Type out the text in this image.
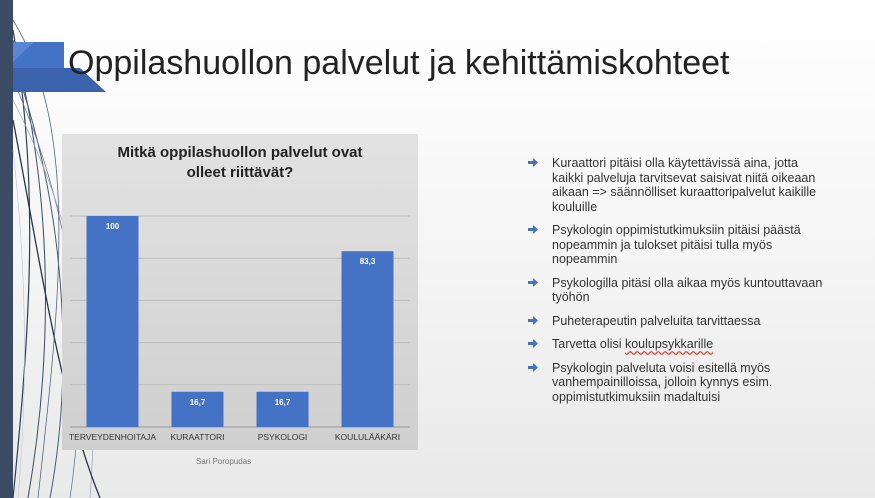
Oppilashuollon palvelut ja kehittämiskohteet
Mitkä oppilashuollon palvelut ovat
olleet riittävät?
100
TERVEYDENHOITAJA
16,7
KURAATTORI
16,7
PSYKOLOGI
83,3
KOULULÄÄKÄRI
Sari Poropudas
Kuraattori pitäisi olla käytettävissä aina, jotta kaikki palveluja tarvitsevat saisivat niitä oikeaan aikaan => säännölliset kuraattoripalvelut kaikille kouluille
Psykologin oppimistutkimuksiin pitäisi päästä nopeammin ja tulokset pitäisi tulla myös nopeammin
Psykologilla pitäsi olla aikaa myös kuntouttavaan työhön
Puheterapeutin palveluita tarvittaessa
Tarvetta olisi koulupsykkarille
Psykologin palveluta voisi esitellä myös vanhempainilloissa, jolloin kynnys esim. oppimistutkimuksiin madaltuisi
